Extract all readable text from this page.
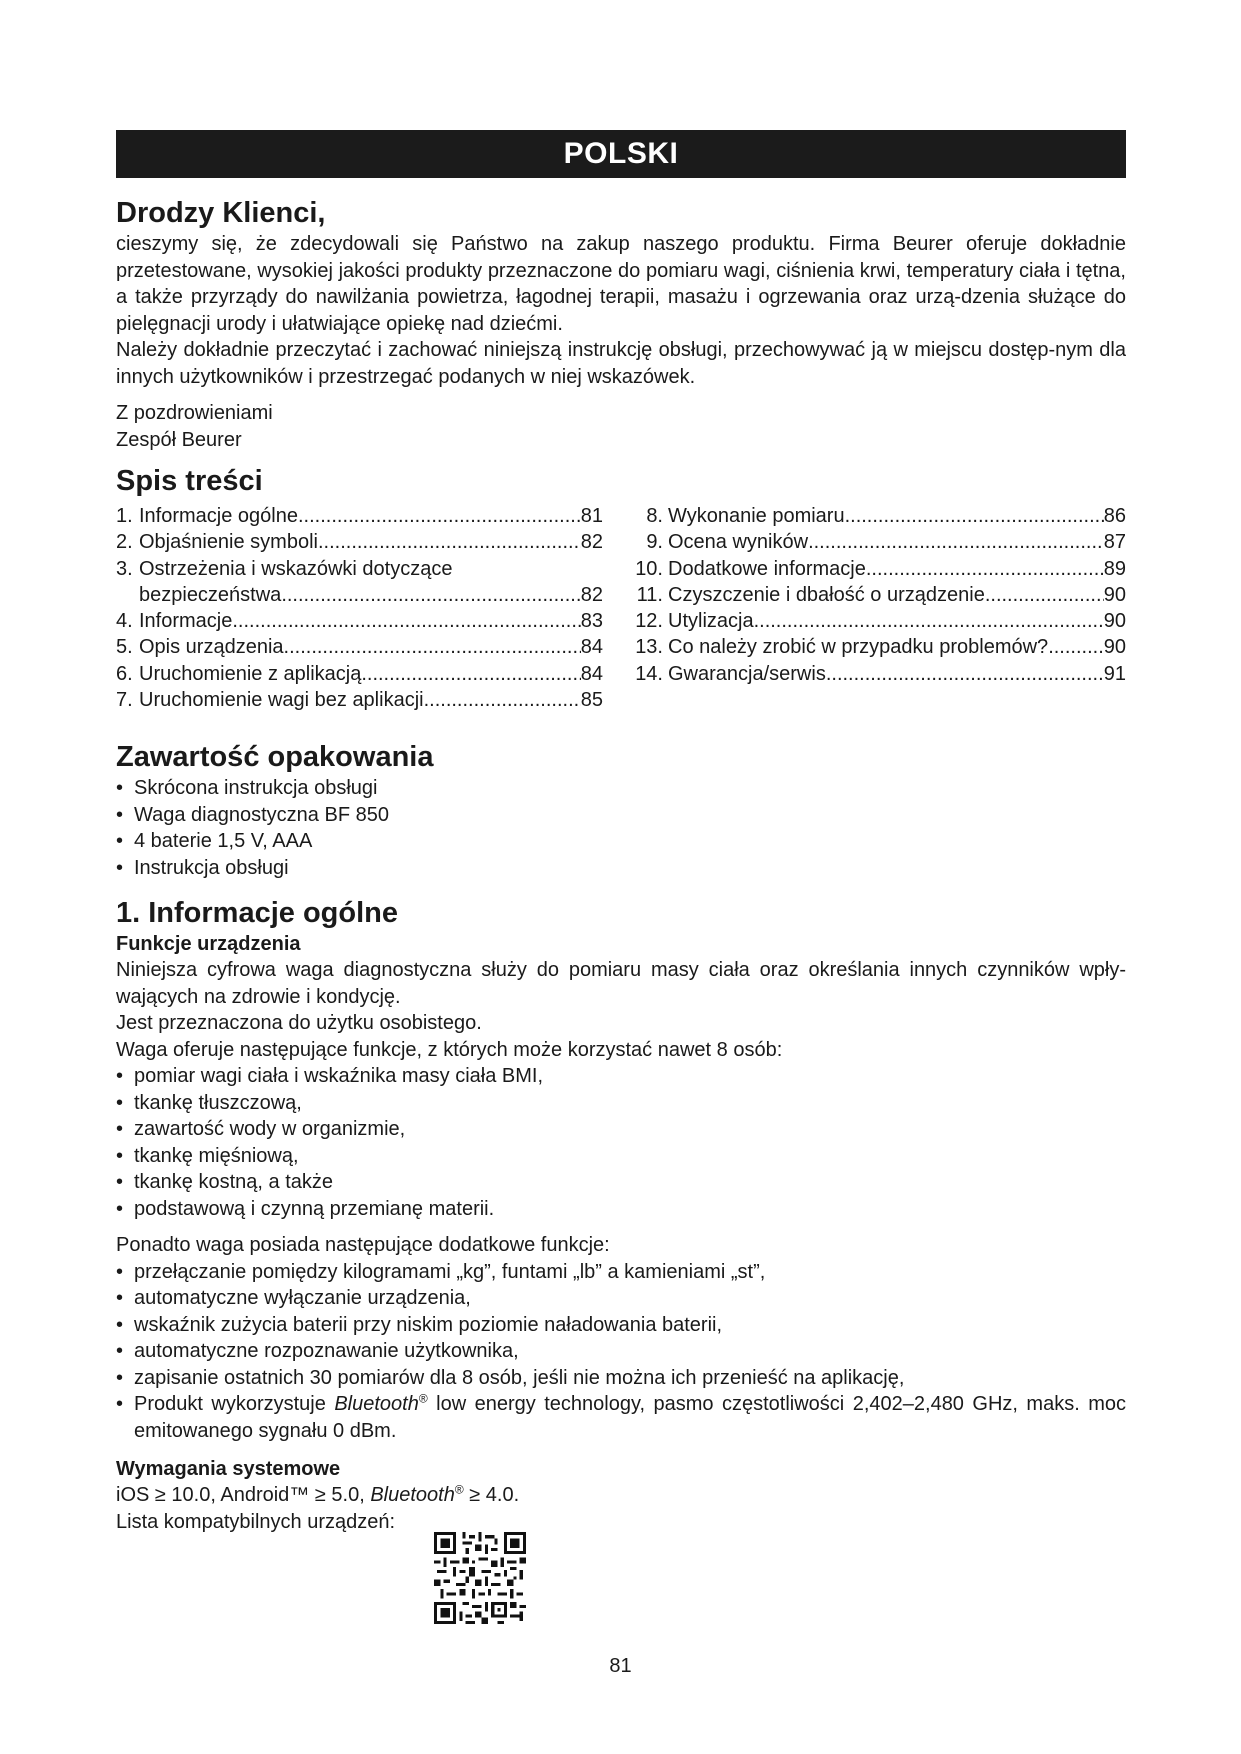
POLSKI
Drodzy Klienci,

cieszymy się, że zdecydowali się Państwo na zakup naszego produktu. Firma Beurer oferuje dokładnie przetestowane, wysokiej jakości produkty przeznaczone do pomiaru wagi, ciśnienia krwi, temperatury ciała i tętna, a także przyrządy do nawilżania powietrza, łagodnej terapii, masażu i ogrzewania oraz urzą-dzenia służące do pielęgnacji urody i ułatwiające opiekę nad dziećmi.

Należy dokładnie przeczytać i zachować niniejszą instrukcję obsługi, przechowywać ją w miejscu dostęp-nym dla innych użytkowników i przestrzegać podanych w niej wskazówek.

Z pozdrowieniami

Zespół Beurer

Spis treści
1. Informacje ogólne .....	81
2. Objaśnienie symboli .....	82
3. Ostrzeżenia i wskazówki dotyczące
bezpieczeństwa .....	82
4. Informacje .....	83
5. Opis urządzenia .....	84
6. Uruchomienie z aplikacją .....	84
7. Uruchomienie wagi bez aplikacji .....	85
8. Wykonanie pomiaru .....	86
9. Ocena wyników .....	87
10. Dodatkowe informacje .....	89
11. Czyszczenie i dbałość o urządzenie .....	90
12. Utylizacja .....	90
13. Co należy zrobić w przypadku problemów? .....	90
14. Gwarancja/serwis .....	91
Zawartość opakowania
• Skrócona instrukcja obsługi
• Waga diagnostyczna BF 850
• 4 baterie 1,5 V, AAA
• Instrukcja obsługi
1. Informacje ogólne
Funkcje urządzenia

Niniejsza cyfrowa waga diagnostyczna służy do pomiaru masy ciała oraz określania innych czynników wpły-wających na zdrowie i kondycję.

Jest przeznaczona do użytku osobistego.

Waga oferuje następujące funkcje, z których może korzystać nawet 8 osób:

• pomiar wagi ciała i wskaźnika masy ciała BMI,
• tkankę tłuszczową,
• zawartość wody w organizmie,
• tkankę mięśniową,
• tkankę kostną, a także
• podstawową i czynną przemianę materii.

Ponadto waga posiada następujące dodatkowe funkcje:

• przełączanie pomiędzy kilogramami „kg”, funtami „lb” a kamieniami „st”,
• automatyczne wyłączanie urządzenia,
• wskaźnik zużycia baterii przy niskim poziomie naładowania baterii,
• automatyczne rozpoznawanie użytkownika,
• zapisanie ostatnich 30 pomiarów dla 8 osób, jeśli nie można ich przenieść na aplikację,
• Produkt wykorzystuje Bluetooth® low energy technology, pasmo częstotliwości 2,402–2,480 GHz, maks. moc emitowanego sygnału 0 dBm.
Wymagania systemowe

iOS ≥ 10.0, Android™ ≥ 5.0, Bluetooth® ≥ 4.0.

Lista kompatybilnych urządzeń:

81
